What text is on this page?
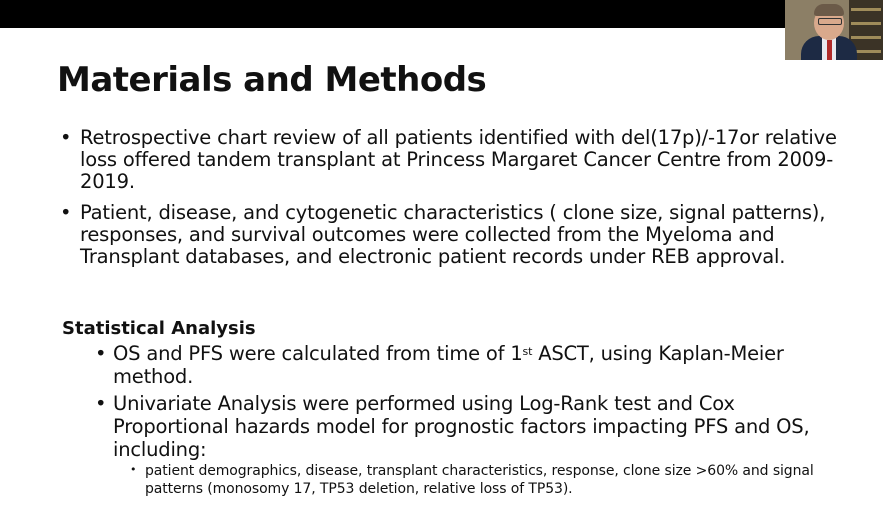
Materials and Methods
• Retrospective chart review of all patients identified with del(17p)/-17or relative loss offered tandem transplant at Princess Margaret Cancer Centre from 2009-2019.
• Patient, disease, and cytogenetic characteristics ( clone size, signal patterns), responses, and survival outcomes were collected from the Myeloma and Transplant databases, and electronic patient records under REB approval.
Statistical Analysis
• OS and PFS were calculated from time of 1st ASCT, using Kaplan-Meier method.
• Univariate Analysis were performed using Log-Rank test and Cox Proportional hazards model for prognostic factors impacting PFS and OS, including:
• patient demographics, disease, transplant characteristics, response, clone size >60% and signal patterns (monosomy 17, TP53 deletion, relative loss of TP53).
